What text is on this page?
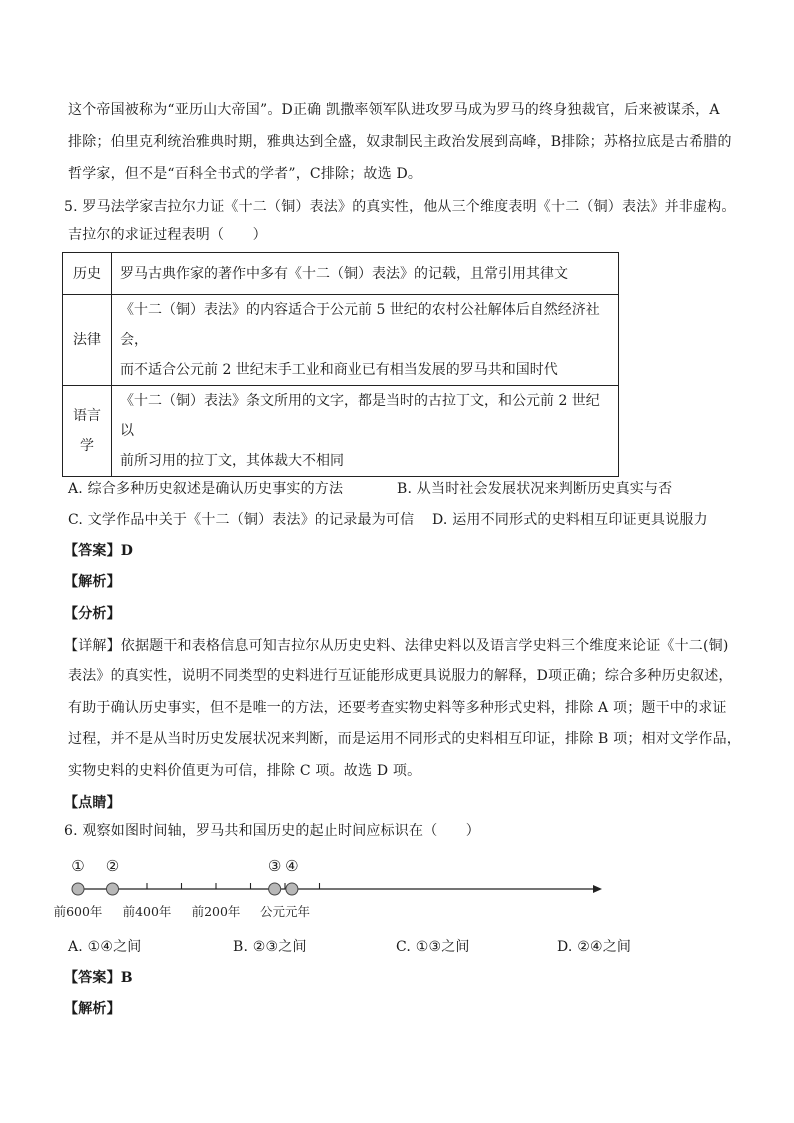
这个帝国被称为“亚历山大帝国”。D正确 凯撒率领军队进攻罗马成为罗马的终身独裁官，后来被谋杀，A
排除；伯里克利统治雅典时期，雅典达到全盛，奴隶制民主政治发展到高峰，B排除；苏格拉底是古希腊的
哲学家，但不是“百科全书式的学者”，C排除；故选 D。
5. 罗马法学家吉拉尔力证《十二（铜）表法》的真实性，他从三个维度表明《十二（铜）表法》并非虚构。
吉拉尔的求证过程表明（　　）
历史	罗马古典作家的著作中多有《十二（铜）表法》的记载，且常引用其律文
法律	《十二（铜）表法》的内容适合于公元前 5 世纪的农村公社解体后自然经济社会，
而不适合公元前 2 世纪末手工业和商业已有相当发展的罗马共和国时代
语言
学	《十二（铜）表法》条文所用的文字，都是当时的古拉丁文，和公元前 2 世纪以
前所习用的拉丁文，其体裁大不相同
A. 综合多种历史叙述是确认历史事实的方法	B. 从当时社会发展状况来判断历史真实与否
C. 文学作品中关于《十二（铜）表法》的记录最为可信 D. 运用不同形式的史料相互印证更具说服力
【答案】D
【解析】
【分析】
【详解】依据题干和表格信息可知吉拉尔从历史史料、法律史料以及语言学史料三个维度来论证《十二(铜)
表法》的真实性，说明不同类型的史料进行互证能形成更具说服力的解释，D项正确；综合多种历史叙述，
有助于确认历史事实，但不是唯一的方法，还要考查实物史料等多种形式史料，排除 A 项；题干中的求证
过程，并不是从当时历史发展状况来判断，而是运用不同形式的史料相互印证，排除 B 项；相对文学作品，
实物史料的史料价值更为可信，排除 C 项。故选 D 项。
【点睛】
6. 观察如图时间轴，罗马共和国历史的起止时间应标识在（　　）
① ②	③ ④
前600年 前400年 前200年 公元元年
A. ①④之间	B. ②③之间	C. ①③之间	D. ②④之间
【答案】B
【解析】
